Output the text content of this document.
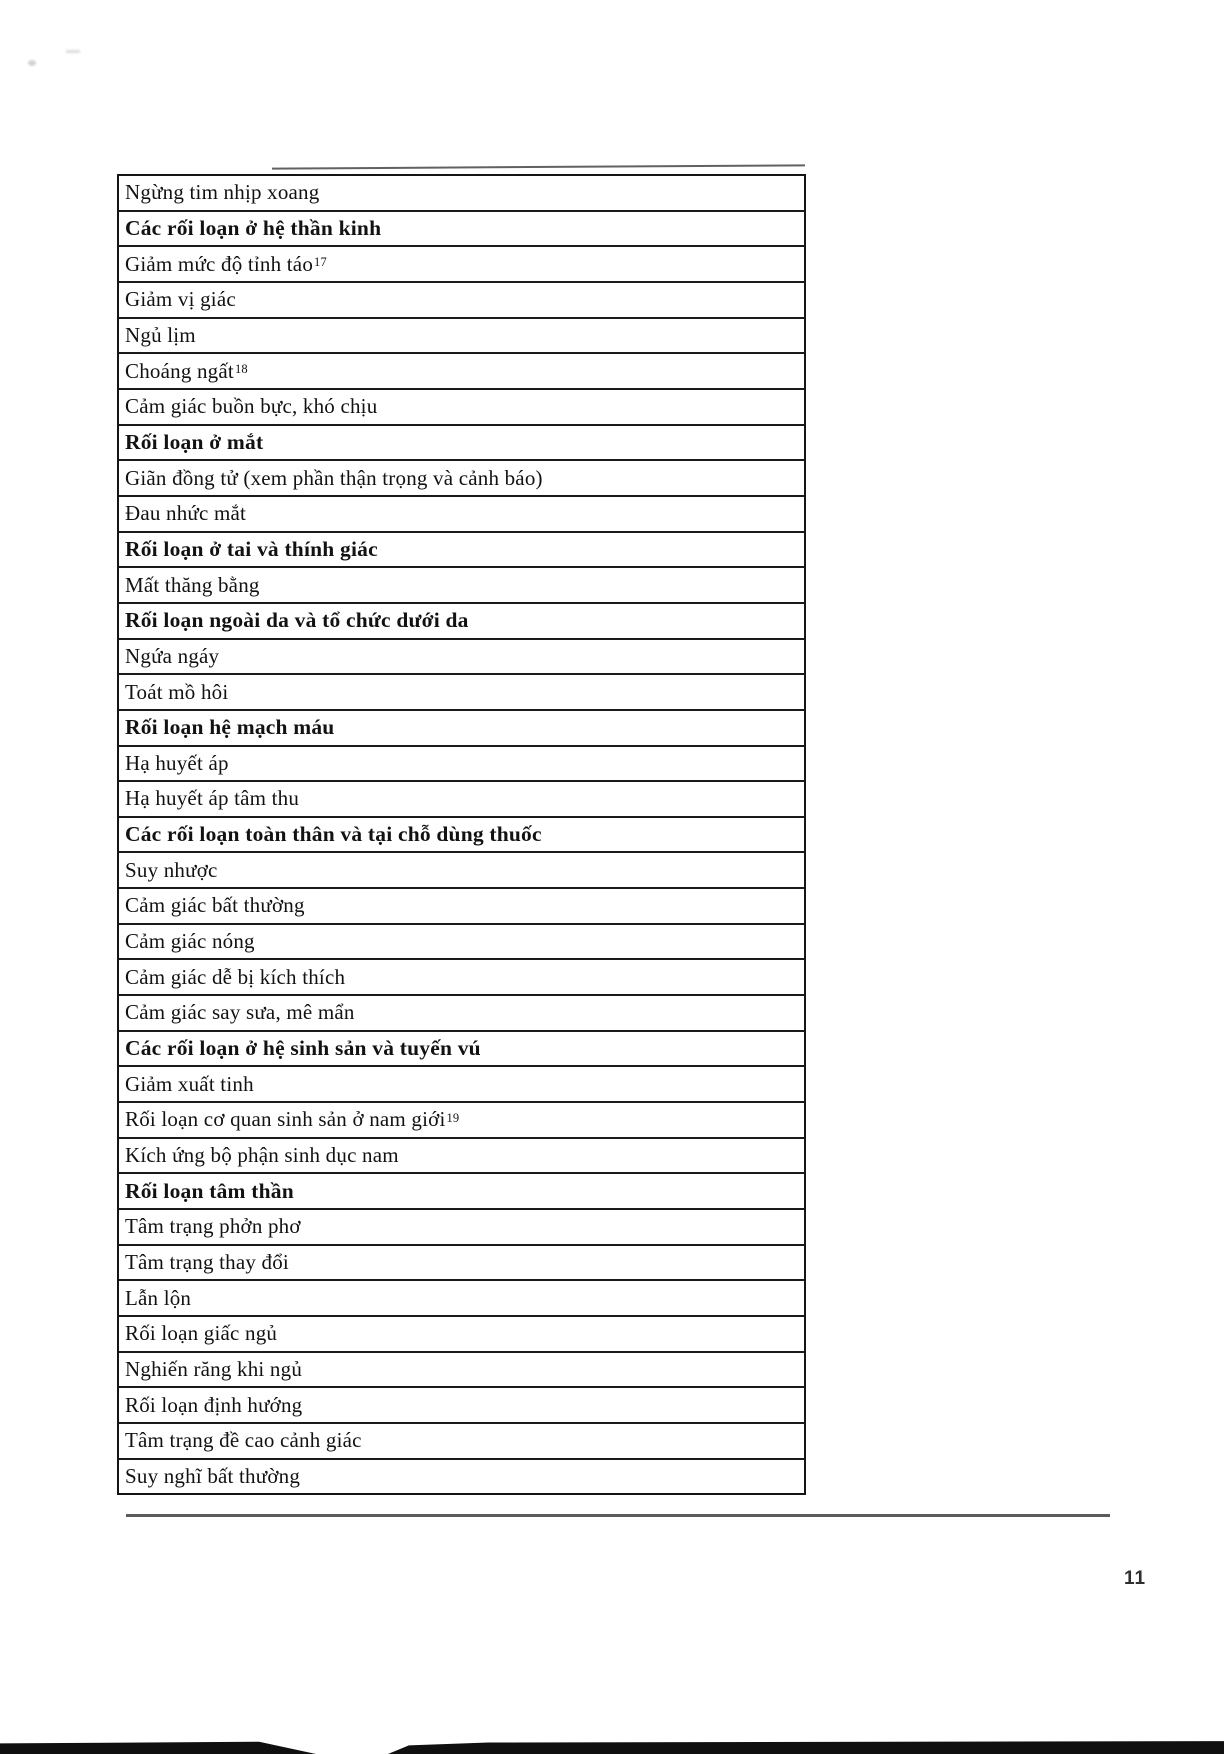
Ngừng tim nhịp xoang
Các rối loạn ở hệ thần kinh
Giảm mức độ tỉnh táo$^{17}$
Giảm vị giác
Ngủ lịm
Choáng ngất$^{18}$
Cảm giác buồn bực, khó chịu
Rối loạn ở mắt
Giãn đồng tử (xem phần thận trọng và cảnh báo)
Đau nhức mắt
Rối loạn ở tai và thính giác
Mất thăng bằng
Rối loạn ngoài da và tổ chức dưới da
Ngứa ngáy
Toát mồ hôi
Rối loạn hệ mạch máu
Hạ huyết áp
Hạ huyết áp tâm thu
Các rối loạn toàn thân và tại chỗ dùng thuốc
Suy nhược
Cảm giác bất thường
Cảm giác nóng
Cảm giác dễ bị kích thích
Cảm giác say sưa, mê mẩn
Các rối loạn ở hệ sinh sản và tuyến vú
Giảm xuất tinh
Rối loạn cơ quan sinh sản ở nam giới$^{19}$
Kích ứng bộ phận sinh dục nam
Rối loạn tâm thần
Tâm trạng phởn phơ
Tâm trạng thay đổi
Lẫn lộn
Rối loạn giấc ngủ
Nghiến răng khi ngủ
Rối loạn định hướng
Tâm trạng đề cao cảnh giác
Suy nghĩ bất thường
11
